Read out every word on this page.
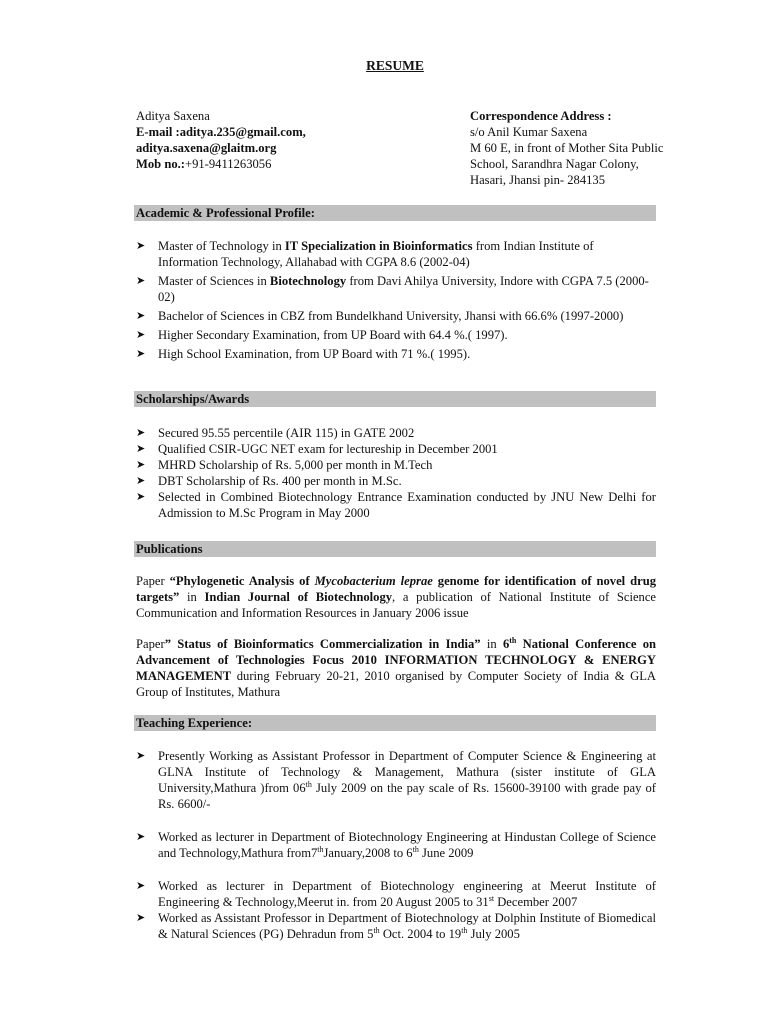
RESUME
Aditya Saxena
E-mail :aditya.235@gmail.com,
aditya.saxena@glaitm.org
Mob no.:+91-9411263056
Correspondence Address :
s/o Anil Kumar Saxena
M 60 E, in front of Mother Sita Public
School, Sarandhra Nagar Colony,
Hasari, Jhansi pin- 284135
Academic & Professional Profile:
➤	Master of Technology in IT Specialization in Bioinformatics from Indian Institute of Information Technology, Allahabad with CGPA 8.6 (2002-04)
➤	Master of Sciences in Biotechnology from Davi Ahilya University, Indore with CGPA 7.5 (2000-02)
➤	Bachelor of Sciences in CBZ from Bundelkhand University, Jhansi with 66.6% (1997-2000)
➤	Higher Secondary Examination, from UP Board with 64.4 %.( 1997).
➤	High School Examination, from UP Board with 71 %.( 1995).
Scholarships/Awards
➤	Secured 95.55 percentile (AIR 115) in GATE 2002
➤	Qualified CSIR-UGC NET exam for lectureship in December 2001
➤	MHRD Scholarship of Rs. 5,000 per month in M.Tech
➤	DBT Scholarship of Rs. 400 per month in M.Sc.
➤	Selected in Combined Biotechnology Entrance Examination conducted by JNU New Delhi for Admission to M.Sc Program in May 2000
Publications
Paper “Phylogenetic Analysis of Mycobacterium leprae genome for identification of novel drug targets” in Indian Journal of Biotechnology, a publication of National Institute of Science Communication and Information Resources in January 2006 issue
Paper” Status of Bioinformatics Commercialization in India” in 6th National Conference on Advancement of Technologies Focus 2010 INFORMATION TECHNOLOGY & ENERGY MANAGEMENT during February 20-21, 2010 organised by Computer Society of India & GLA Group of Institutes, Mathura
Teaching Experience:
➤	Presently Working as Assistant Professor in Department of Computer Science & Engineering at GLNA Institute of Technology & Management, Mathura (sister institute of GLA University,Mathura )from 06th July 2009 on the pay scale of Rs. 15600-39100 with grade pay of Rs. 6600/-
➤	Worked as lecturer in Department of Biotechnology Engineering at Hindustan College of Science and Technology,Mathura from7thJanuary,2008 to 6th June 2009
➤	Worked as lecturer in Department of Biotechnology engineering at Meerut Institute of Engineering & Technology,Meerut in. from 20 August 2005 to 31st December 2007
➤	Worked as Assistant Professor in Department of Biotechnology at Dolphin Institute of Biomedical & Natural Sciences (PG) Dehradun from 5th Oct. 2004 to 19th July 2005
